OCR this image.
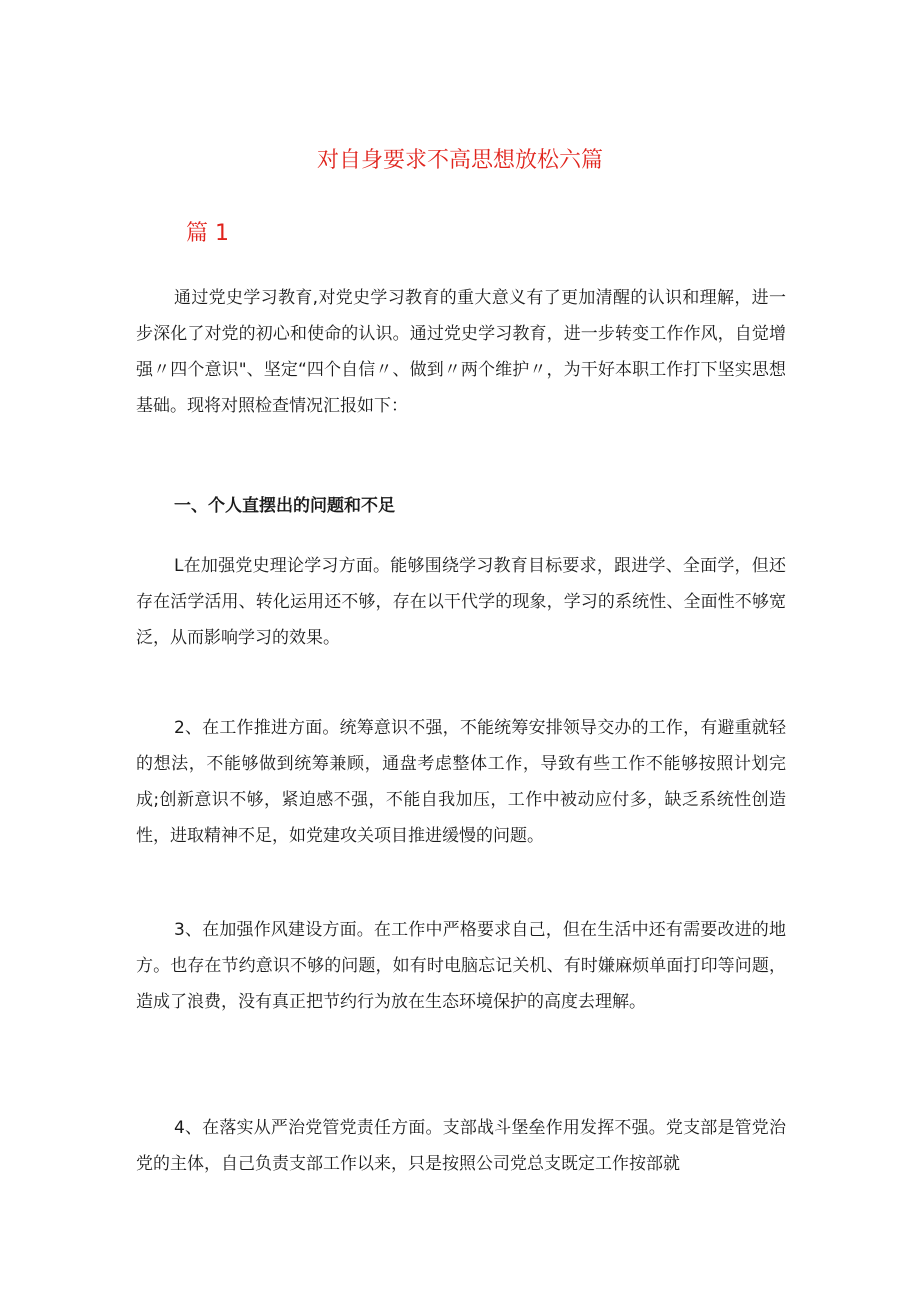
对自身要求不高思想放松六篇
篇 1

通过党史学习教育,对党史学习教育的重大意义有了更加清醒的认识和理解，进一步深化了对党的初心和使命的认识。通过党史学习教育，进一步转变工作作风，自觉增强〃四个意识"、坚定“四个自信〃、做到〃两个维护〃，为干好本职工作打下坚实思想基础。现将对照检查情况汇报如下：

一、个人直摆出的问题和不足

L在加强党史理论学习方面。能够围绕学习教育目标要求，跟进学、全面学，但还存在活学活用、转化运用还不够，存在以干代学的现象，学习的系统性、全面性不够宽泛，从而影响学习的效果。

2、在工作推进方面。统筹意识不强，不能统筹安排领导交办的工作，有避重就轻的想法，不能够做到统筹兼顾，通盘考虑整体工作，导致有些工作不能够按照计划完成;创新意识不够，紧迫感不强，不能自我加压，工作中被动应付多，缺乏系统性创造性，进取精神不足，如党建攻关项目推进缓慢的问题。

3、在加强作风建设方面。在工作中严格要求自己，但在生活中还有需要改进的地方。也存在节约意识不够的问题，如有时电脑忘记关机、有时嫌麻烦单面打印等问题，造成了浪费，没有真正把节约行为放在生态环境保护的高度去理解。

4、在落实从严治党管党责任方面。支部战斗堡垒作用发挥不强。党支部是管党治党的主体，自己负责支部工作以来，只是按照公司党总支既定工作按部就
